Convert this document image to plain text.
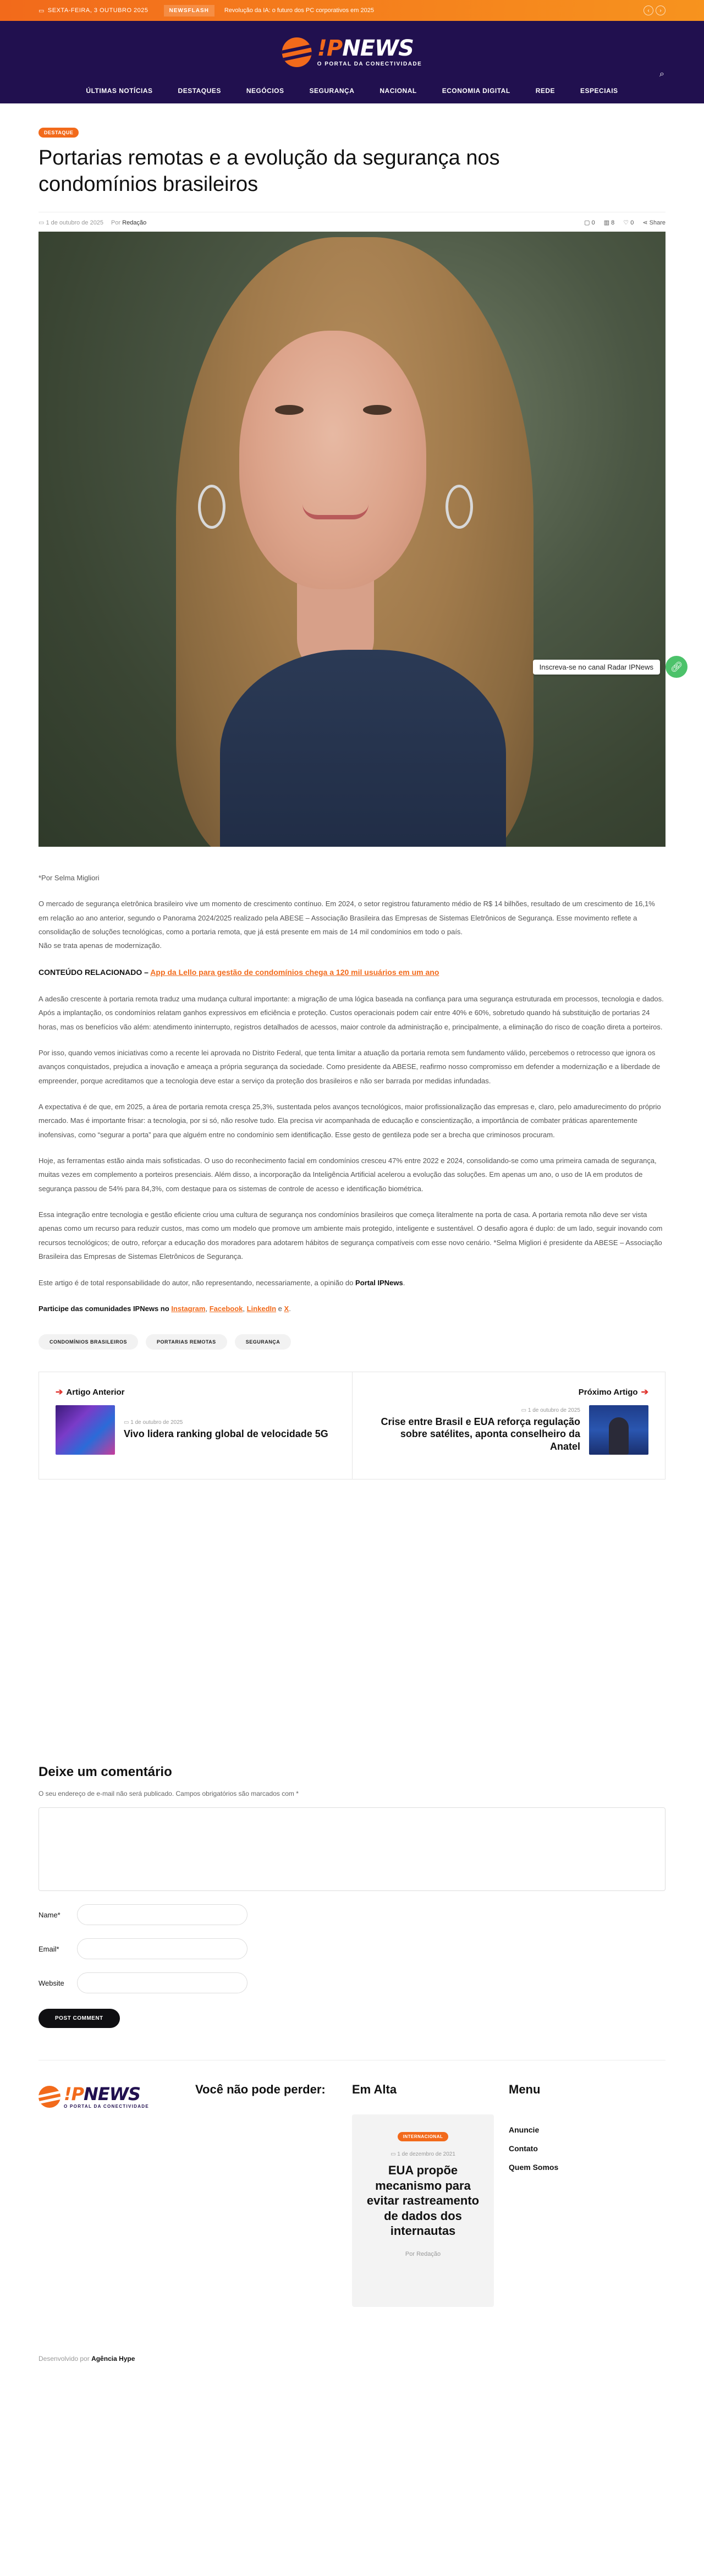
▭ SEXTA-FEIRA, 3 OUTUBRO 2025	NEWSFLASH	Revolução da IA: o futuro dos PC corporativos em 2025	‹	›
!PNEWS
O PORTAL DA CONECTIVIDADE
⌕
ÚLTIMAS NOTÍCIAS	DESTAQUES	NEGÓCIOS	SEGURANÇA	NACIONAL	ECONOMIA DIGITAL	REDE	ESPECIAIS
DESTAQUE
Portarias remotas e a evolução da segurança nos condomínios brasileiros
▭ 1 de outubro de 2025 Por Redação	▢ 0 ▥ 8 ♡ 0 ⋖ Share

*Por Selma Migliori

O mercado de segurança eletrônica brasileiro vive um momento de crescimento contínuo. Em 2024, o setor registrou faturamento médio de R$ 14 bilhões, resultado de um crescimento de 16,1% em relação ao ano anterior, segundo o Panorama 2024/2025 realizado pela ABESE – Associação Brasileira das Empresas de Sistemas Eletrônicos de Segurança. Esse movimento reflete a consolidação de soluções tecnológicas, como a portaria remota, que já está presente em mais de 14 mil condomínios em todo o país.

Não se trata apenas de modernização.

CONTEÚDO RELACIONADO – App da Lello para gestão de condomínios chega a 120 mil usuários em um ano

A adesão crescente à portaria remota traduz uma mudança cultural importante: a migração de uma lógica baseada na confiança para uma segurança estruturada em processos, tecnologia e dados. Após a implantação, os condomínios relatam ganhos expressivos em eficiência e proteção. Custos operacionais podem cair entre 40% e 60%, sobretudo quando há substituição de portarias 24 horas, mas os benefícios vão além: atendimento ininterrupto, registros detalhados de acessos, maior controle da administração e, principalmente, a eliminação do risco de coação direta a porteiros.

Por isso, quando vemos iniciativas como a recente lei aprovada no Distrito Federal, que tenta limitar a atuação da portaria remota sem fundamento válido, percebemos o retrocesso que ignora os avanços conquistados, prejudica a inovação e ameaça a própria segurança da sociedade. Como presidente da ABESE, reafirmo nosso compromisso em defender a modernização e a liberdade de empreender, porque acreditamos que a tecnologia deve estar a serviço da proteção dos brasileiros e não ser barrada por medidas infundadas.

A expectativa é de que, em 2025, a área de portaria remota cresça 25,3%, sustentada pelos avanços tecnológicos, maior profissionalização das empresas e, claro, pelo amadurecimento do próprio mercado. Mas é importante frisar: a tecnologia, por si só, não resolve tudo. Ela precisa vir acompanhada de educação e conscientização, a importância de combater práticas aparentemente inofensivas, como “segurar a porta” para que alguém entre no condomínio sem identificação. Esse gesto de gentileza pode ser a brecha que criminosos procuram.

Hoje, as ferramentas estão ainda mais sofisticadas. O uso do reconhecimento facial em condomínios cresceu 47% entre 2022 e 2024, consolidando-se como uma primeira camada de segurança, muitas vezes em complemento a porteiros presenciais. Além disso, a incorporação da Inteligência Artificial acelerou a evolução das soluções. Em apenas um ano, o uso de IA em produtos de segurança passou de 54% para 84,3%, com destaque para os sistemas de controle de acesso e identificação biométrica.

Essa integração entre tecnologia e gestão eficiente criou uma cultura de segurança nos condomínios brasileiros que começa literalmente na porta de casa. A portaria remota não deve ser vista apenas como um recurso para reduzir custos, mas como um modelo que promove um ambiente mais protegido, inteligente e sustentável. O desafio agora é duplo: de um lado, seguir inovando com recursos tecnológicos; de outro, reforçar a educação dos moradores para adotarem hábitos de segurança compatíveis com esse novo cenário. *Selma Migliori é presidente da ABESE – Associação Brasileira das Empresas de Sistemas Eletrônicos de Segurança.

Este artigo é de total responsabilidade do autor, não representando, necessariamente, a opinião do Portal IPNews.

Participe das comunidades IPNews no Instagram, Facebook, LinkedIn e X.

CONDOMÍNIOS BRASILEIROS	PORTARIAS REMOTAS	SEGURANÇA
➔ Artigo Anterior
▭ 1 de outubro de 2025
Vivo lidera ranking global de velocidade 5G
Próximo Artigo ➔
▭ 1 de outubro de 2025
Crise entre Brasil e EUA reforça regulação sobre satélites, aponta conselheiro da Anatel
Deixe um comentário

O seu endereço de e-mail não será publicado. Campos obrigatórios são marcados com *

Name*
Email*
Website
POST COMMENT
!PNEWS
O PORTAL DA CONECTIVIDADE
Você não pode perder:	Em Alta
INTERNACIONAL
▭ 1 de dezembro de 2021
EUA propõe mecanismo para evitar rastreamento de dados dos internautas
Por Redação
Menu
Anuncie
Contato
Quem Somos
Desenvolvido por Agência Hype
Inscreva-se no canal Radar IPNews	🔗︎
